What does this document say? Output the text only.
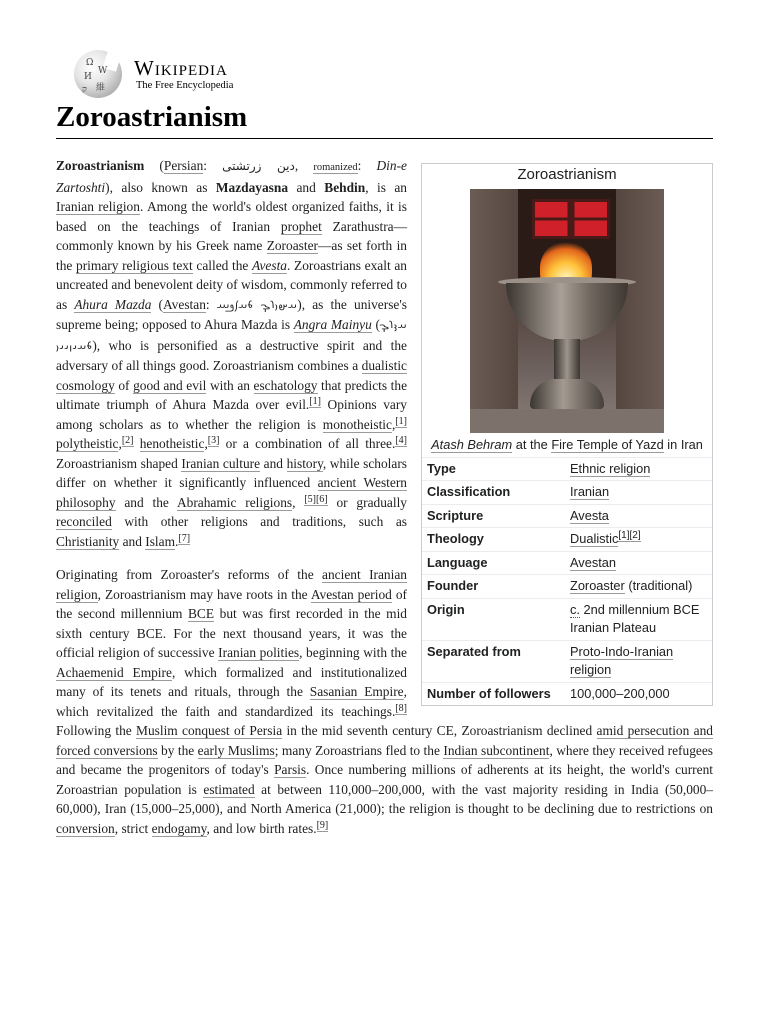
Ω
W
И
維
ק
Wikipedia
The Free Encyclopedia
Zoroastrianism
Zoroastrianism
Atash Behram at the Fire Temple of Yazd in Iran
Type	Ethnic religion
Classification	Iranian
Scripture	Avesta
Theology	Dualistic[1][2]
Language	Avestan
Founder	Zoroaster (traditional)
Origin	c. 2nd millennium BCE
Iranian Plateau
Separated from	Proto-Indo-Iranian religion
Number of followers	100,000–200,000

Zoroastrianism (Persian: دین زرتشتی, romanized: Din-e Zartoshti), also known as Mazdayasna and Behdin, is an Iranian religion. Among the world's oldest organized faiths, it is based on the teachings of Iranian prophet Zarathustra—commonly known by his Greek name Zoroaster—as set forth in the primary religious text called the Avesta. Zoroastrians exalt an uncreated and benevolent deity of wisdom, commonly referred to as Ahura Mazda (Avestan: 𐬀𐬵𐬎𐬭𐬋 𐬨𐬀𐬰𐬛𐬁), as the universe's supreme being; opposed to Ahura Mazda is Angra Mainyu (𐬀𐬢𐬭𐬋 𐬨𐬀𐬌𐬥𐬌𐬌𐬎), who is personified as a destructive spirit and the adversary of all things good. Zoroastrianism combines a dualistic cosmology of good and evil with an eschatology that predicts the ultimate triumph of Ahura Mazda over evil.[1] Opinions vary among scholars as to whether the religion is monotheistic,[1] polytheistic,[2] henotheistic,[3] or a combination of all three.[4] Zoroastrianism shaped Iranian culture and history, while scholars differ on whether it significantly influenced ancient Western philosophy and the Abrahamic religions, [5][6] or gradually reconciled with other religions and traditions, such as Christianity and Islam.[7]

Originating from Zoroaster's reforms of the ancient Iranian religion, Zoroastrianism may have roots in the Avestan period of the second millennium BCE but was first recorded in the mid sixth century BCE. For the next thousand years, it was the official religion of successive Iranian polities, beginning with the Achaemenid Empire, which formalized and institutionalized many of its tenets and rituals, through the Sasanian Empire, which revitalized the faith and standardized its teachings.[8] Following the Muslim conquest of Persia in the mid seventh century CE, Zoroastrianism declined amid persecution and forced conversions by the early Muslims; many Zoroastrians fled to the Indian subcontinent, where they received refugees and became the progenitors of today's Parsis. Once numbering millions of adherents at its height, the world's current Zoroastrian population is estimated at between 110,000–200,000, with the vast majority residing in India (50,000–60,000), Iran (15,000–25,000), and North America (21,000); the religion is thought to be declining due to restrictions on conversion, strict endogamy, and low birth rates.[9]
